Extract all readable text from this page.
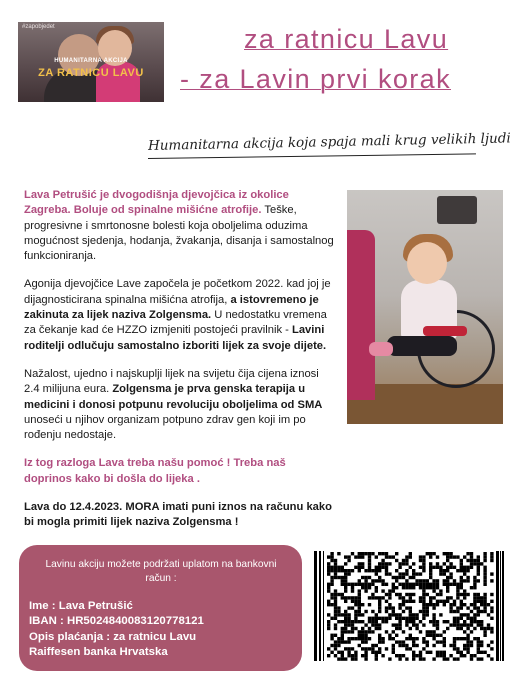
#zapobjedet
HUMANITARNA AKCIJA
ZA RATNICU LAVU
za ratnicu Lavu
- za Lavin prvi korak
Humanitarna akcija koja spaja mali krug velikih ljudi

Lava Petrušić je dvogodišnja djevojčica iz okolice Zagreba. Boluje od spinalne mišićne atrofije. Teške, progresivne i smrtonosne bolesti koja oboljelima oduzima mogućnost sjedenja, hodanja, žvakanja, disanja i samostalnog funkcioniranja.

Agonija djevojčice Lave započela je početkom 2022. kad joj je dijagnosticirana spinalna mišićna atrofija, a istovremeno je zakinuta za lijek naziva Zolgensma. U nedostatku vremena za čekanje kad će HZZO izmjeniti postojeći pravilnik - Lavini roditelji odlučuju samostalno izboriti lijek za svoje dijete.

Nažalost, ujedno i najskuplji lijek na svijetu čija cijena iznosi 2.4 milijuna eura. Zolgensma je prva genska terapija u medicini i donosi potpunu revoluciju oboljelima od SMA unoseći u njihov organizam potpuno zdrav gen koji im po rođenju nedostaje.

Iz tog razloga Lava treba našu pomoć ! Treba naš doprinos kako bi došla do lijeka .

Lava do 12.4.2023. MORA imati puni iznos na računu kako bi mogla primiti lijek naziva Zolgensma !

Lavinu akciju možete podržati uplatom na bankovni račun :
Ime : Lava Petrušić
IBAN : HR5024840083120778121
Opis plaćanja : za ratnicu Lavu
Raiffesen banka Hrvatska
